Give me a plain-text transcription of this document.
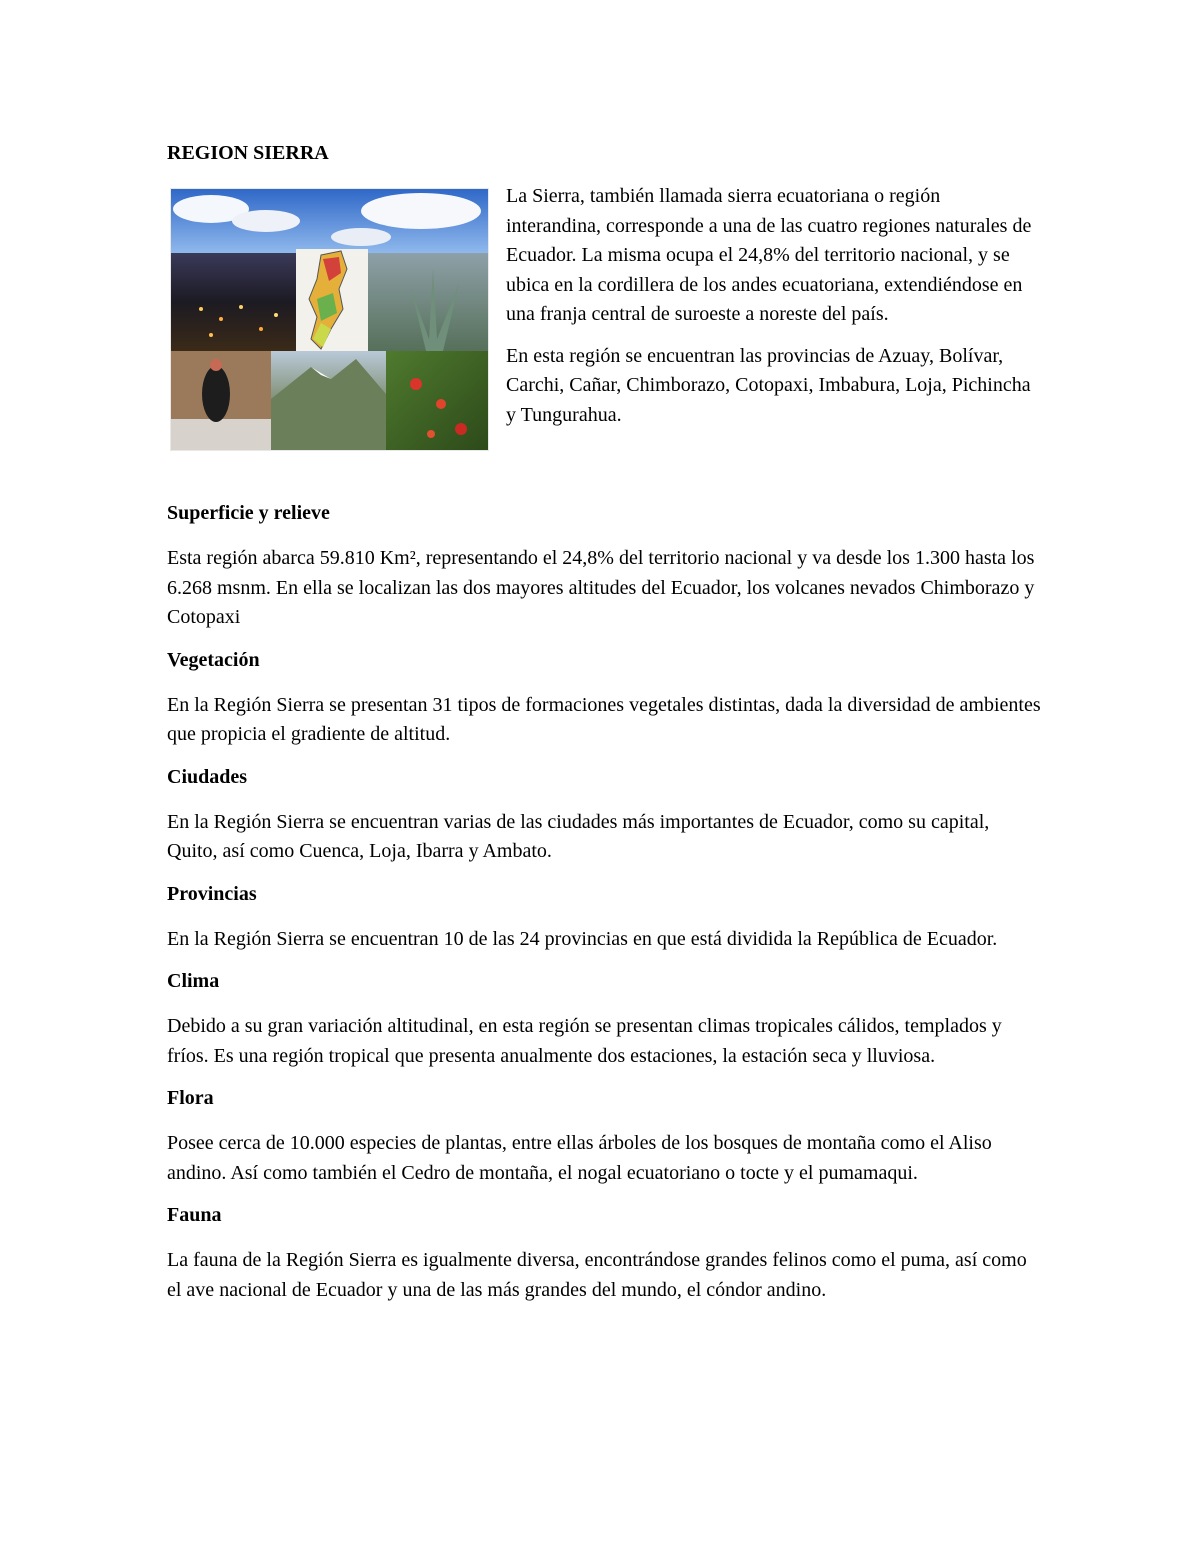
REGION SIERRA

La Sierra, también llamada sierra ecuatoriana o región interandina, corresponde a una de las cuatro regiones naturales de Ecuador. La misma ocupa el 24,8% del territorio nacional, y se ubica en la cordillera de los andes ecuatoriana, extendiéndose en una franja central de suroeste a noreste del país.

En esta región se encuentran las provincias de Azuay, Bolívar, Carchi, Cañar, Chimborazo, Cotopaxi, Imbabura, Loja, Pichincha y Tungurahua.

Superficie y relieve

Esta región abarca 59.810 Km², representando el 24,8% del territorio nacional y va desde los 1.300 hasta los 6.268 msnm. En ella se localizan las dos mayores altitudes del Ecuador, los volcanes nevados Chimborazo y Cotopaxi

Vegetación

En la Región Sierra se presentan 31 tipos de formaciones vegetales distintas, dada la diversidad de ambientes que propicia el gradiente de altitud.

Ciudades

En la Región Sierra se encuentran varias de las ciudades más importantes de Ecuador, como su capital, Quito, así como Cuenca, Loja, Ibarra y Ambato.

Provincias

En la Región Sierra se encuentran 10 de las 24 provincias en que está dividida la República de Ecuador.

Clima

Debido a su gran variación altitudinal, en esta región se presentan climas tropicales cálidos, templados y fríos. Es una región tropical que presenta anualmente dos estaciones, la estación seca y lluviosa.

Flora

Posee cerca de 10.000 especies de plantas, entre ellas árboles de los bosques de montaña como el Aliso andino. Así como también el Cedro de montaña, el nogal ecuatoriano o tocte y el pumamaqui.

Fauna

La fauna de la Región Sierra es igualmente diversa, encontrándose grandes felinos como el puma, así como el ave nacional de Ecuador y una de las más grandes del mundo, el cóndor andino.
